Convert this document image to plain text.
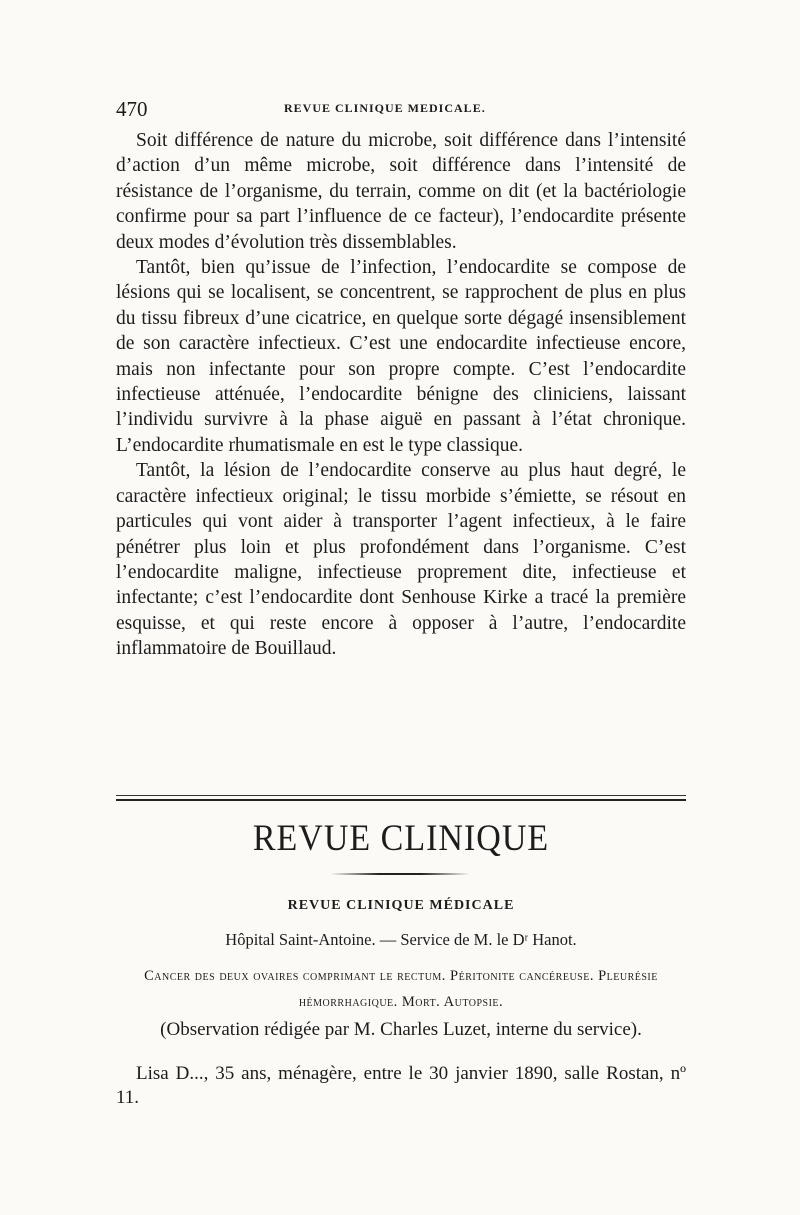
470	REVUE CLINIQUE MEDICALE.

Soit différence de nature du microbe, soit différence dans l’intensité d’action d’un même microbe, soit différence dans l’intensité de résistance de l’organisme, du terrain, comme on dit (et la bactériologie confirme pour sa part l’influence de ce facteur), l’endocardite présente deux modes d’évolution très dissemblables.

Tantôt, bien qu’issue de l’infection, l’endocardite se compose de lésions qui se localisent, se concentrent, se rapprochent de plus en plus du tissu fibreux d’une cicatrice, en quelque sorte dégagé insensiblement de son caractère infectieux. C’est une endocardite infectieuse encore, mais non infectante pour son propre compte. C’est l’endocardite infectieuse atténuée, l’endocardite bénigne des cliniciens, laissant l’individu survivre à la phase aiguë en passant à l’état chronique. L’endocardite rhumatismale en est le type classique.

Tantôt, la lésion de l’endocardite conserve au plus haut degré, le caractère infectieux original; le tissu morbide s’émiette, se résout en particules qui vont aider à transporter l’agent infectieux, à le faire pénétrer plus loin et plus profondément dans l’organisme. C’est l’endocardite maligne, infectieuse proprement dite, infectieuse et infectante; c’est l’endocardite dont Senhouse Kirke a tracé la première esquisse, et qui reste encore à opposer à l’autre, l’endocardite inflammatoire de Bouillaud.

REVUE CLINIQUE
REVUE CLINIQUE MÉDICALE
Hôpital Saint-Antoine. — Service de M. le Dʳ Hanot.
Cancer des deux ovaires comprimant le rectum. Péritonite cancéreuse. Pleurésie hémorrhagique. Mort. Autopsie.
(Observation rédigée par M. Charles Luzet, interne du service).
Lisa D..., 35 ans, ménagère, entre le 30 janvier 1890, salle Rostan, nº 11.
